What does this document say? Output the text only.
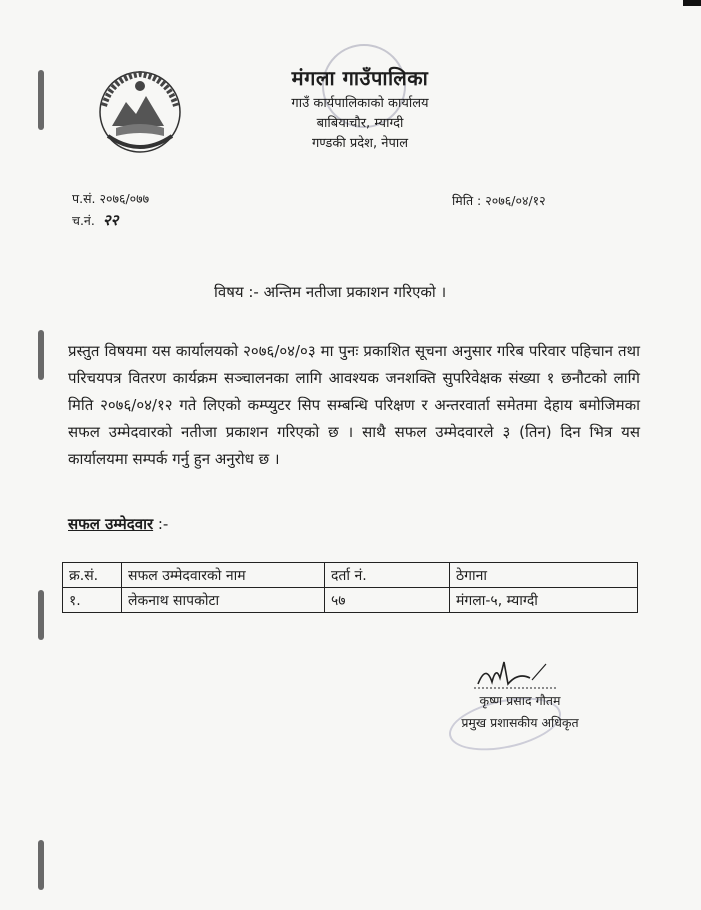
मंगला गाउँपालिका
गाउँ कार्यपालिकाको कार्यालय
बाबियाचौर, म्याग्दी
गण्डकी प्रदेश, नेपाल
प.सं. २०७६/०७७
च.नं. २२
मिति : २०७६/०४/१२
विषय :- अन्तिम नतीजा प्रकाशन गरिएको ।
प्रस्तुत विषयमा यस कार्यालयको २०७६/०४/०३ मा पुनः प्रकाशित सूचना अनुसार गरिब परिवार पहिचान तथा परिचयपत्र वितरण कार्यक्रम सञ्चालनका लागि आवश्यक जनशक्ति सुपरिवेक्षक संख्या १ छनौटको लागि मिति २०७६/०४/१२ गते लिएको कम्प्युटर सिप सम्बन्धि परिक्षण र अन्तरवार्ता समेतमा देहाय बमोजिमका सफल उम्मेदवारको नतीजा प्रकाशन गरिएको छ । साथै सफल उम्मेदवारले ३ (तिन) दिन भित्र यस कार्यालयमा सम्पर्क गर्नु हुन अनुरोध छ ।
सफल उम्मेदवार :-
क्र.सं.	सफल उम्मेदवारको नाम	दर्ता नं.	ठेगाना
१.	लेकनाथ सापकोटा	५७	मंगला-५, म्याग्दी
कृष्ण प्रसाद गौतम
प्रमुख प्रशासकीय अधिकृत
